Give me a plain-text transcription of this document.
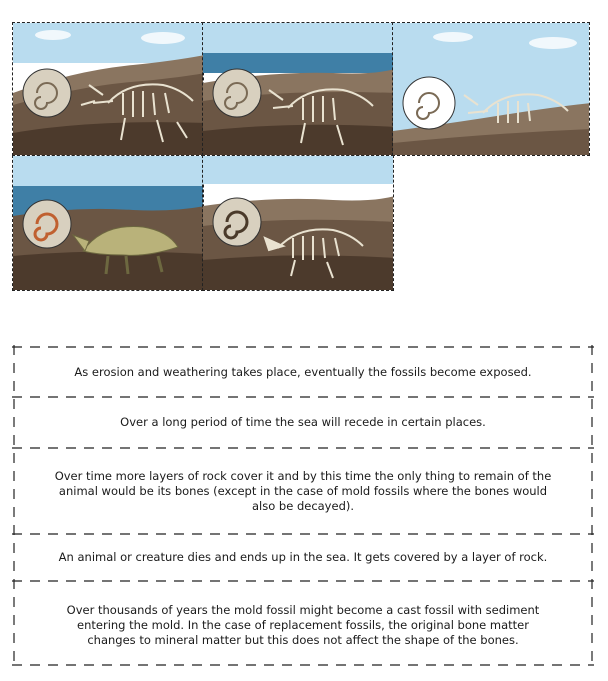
As erosion and weathering takes place, eventually the fossils become exposed.
Over a long period of time the sea will recede in certain places.
Over time more layers of rock cover it and by this time the only thing to remain of the animal would be its bones (except in the case of mold fossils where the bones would also be decayed).
An animal or creature dies and ends up in the sea. It gets covered by a layer of rock.
Over thousands of years the mold fossil might become a cast fossil with sediment entering the mold. In the case of replacement fossils, the original bone matter changes to mineral matter but this does not affect the shape of the bones.
